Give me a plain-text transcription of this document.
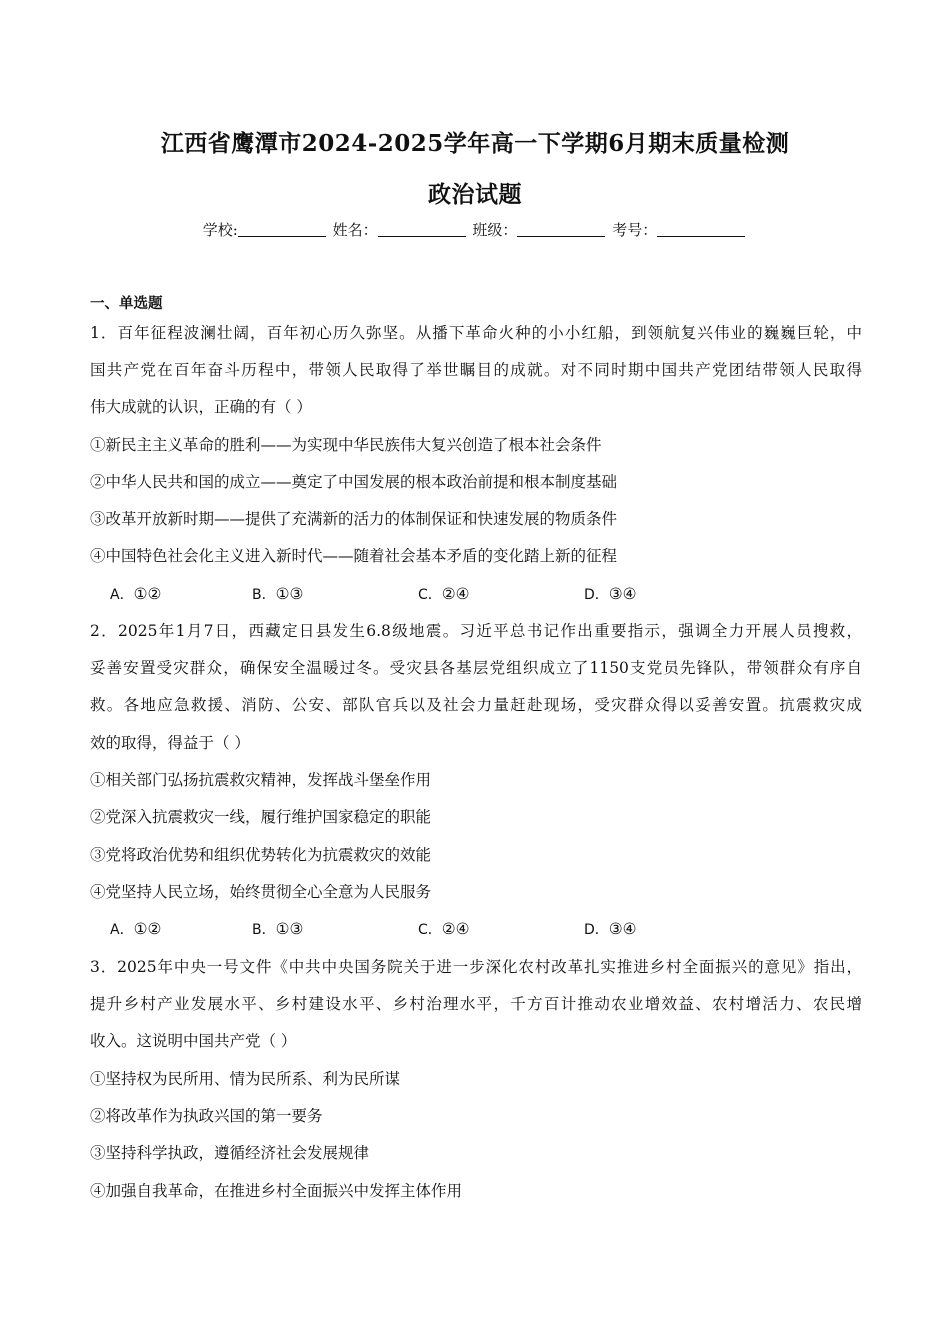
江西省鹰潭市2024-2025学年高一下学期6月期末质量检测
政治试题
学校:	姓名：	班级：	考号：
一、单选题
1．百年征程波澜壮阔，百年初心历久弥坚。从播下革命火种的小小红船，到领航复兴伟业的巍巍巨轮，中
国共产党在百年奋斗历程中，带领人民取得了举世瞩目的成就。对不同时期中国共产党团结带领人民取得
伟大成就的认识，正确的有（ ）
①新民主主义革命的胜利——为实现中华民族伟大复兴创造了根本社会条件
②中华人民共和国的成立——奠定了中国发展的根本政治前提和根本制度基础
③改革开放新时期——提供了充满新的活力的体制保证和快速发展的物质条件
④中国特色社会化主义进入新时代——随着社会基本矛盾的变化踏上新的征程
A．①②	B．①③	C．②④	D．③④
2．2025年1月7日，西藏定日县发生6.8级地震。习近平总书记作出重要指示，强调全力开展人员搜救，
妥善安置受灾群众，确保安全温暖过冬。受灾县各基层党组织成立了1150支党员先锋队，带领群众有序自
救。各地应急救援、消防、公安、部队官兵以及社会力量赶赴现场，受灾群众得以妥善安置。抗震救灾成
效的取得，得益于（ ）
①相关部门弘扬抗震救灾精神，发挥战斗堡垒作用
②党深入抗震救灾一线，履行维护国家稳定的职能
③党将政治优势和组织优势转化为抗震救灾的效能
④党坚持人民立场，始终贯彻全心全意为人民服务
A．①②	B．①③	C．②④	D．③④
3．2025年中央一号文件《中共中央国务院关于进一步深化农村改革扎实推进乡村全面振兴的意见》指出，
提升乡村产业发展水平、乡村建设水平、乡村治理水平，千方百计推动农业增效益、农村增活力、农民增
收入。这说明中国共产党（ ）
①坚持权为民所用、情为民所系、利为民所谋
②将改革作为执政兴国的第一要务
③坚持科学执政，遵循经济社会发展规律
④加强自我革命，在推进乡村全面振兴中发挥主体作用
